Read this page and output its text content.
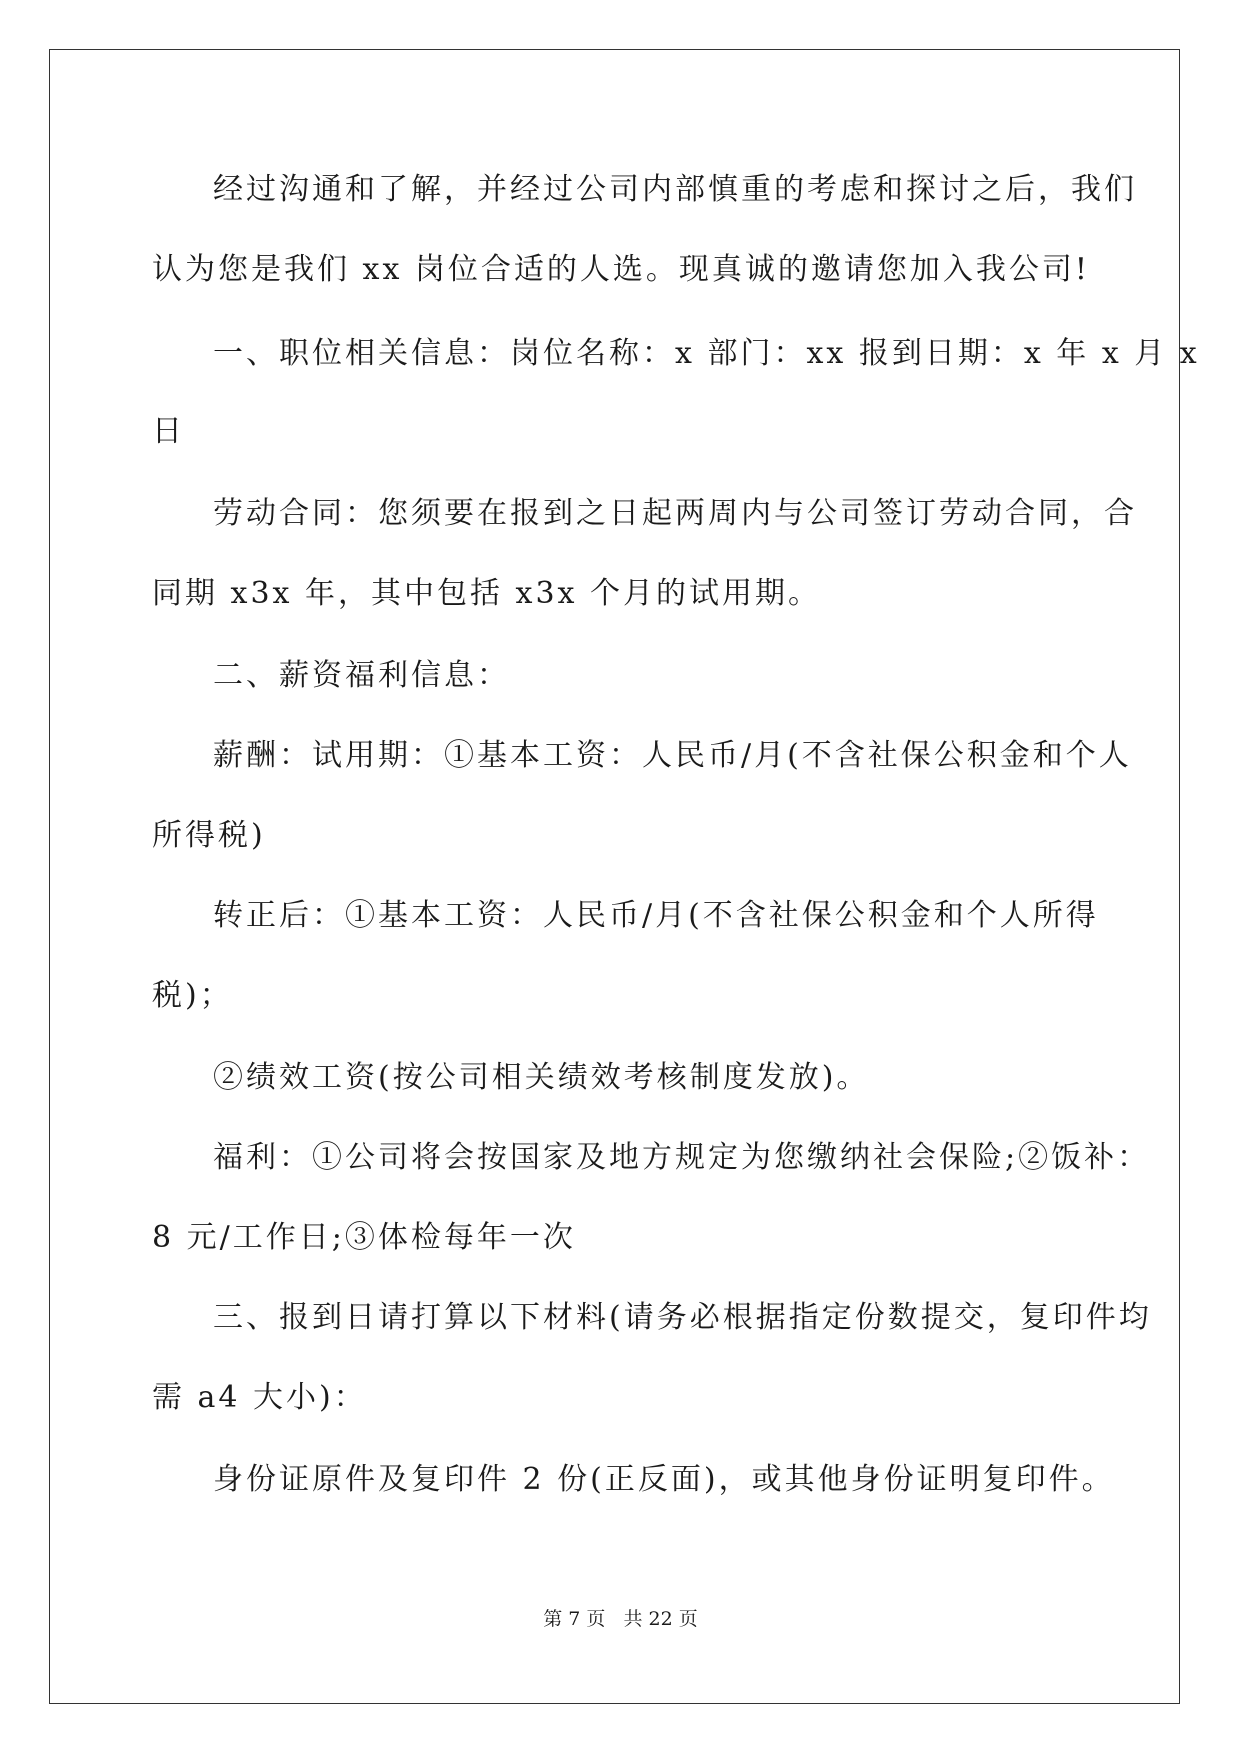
经过沟通和了解，并经过公司内部慎重的考虑和探讨之后，我们
认为您是我们 xx 岗位合适的人选。现真诚的邀请您加入我公司!
一、职位相关信息：岗位名称：x 部门：xx 报到日期：x 年 x 月 x
日
劳动合同：您须要在报到之日起两周内与公司签订劳动合同，合
同期 x3x 年，其中包括 x3x 个月的试用期。
二、薪资福利信息：
薪酬：试用期：①基本工资：人民币/月(不含社保公积金和个人
所得税)
转正后：①基本工资：人民币/月(不含社保公积金和个人所得
税)；
②绩效工资(按公司相关绩效考核制度发放)。
福利：①公司将会按国家及地方规定为您缴纳社会保险;②饭补：
8 元/工作日;③体检每年一次
三、报到日请打算以下材料(请务必根据指定份数提交，复印件均
需 a4 大小)：
身份证原件及复印件 2 份(正反面)，或其他身份证明复印件。
第 7 页   共 22 页
